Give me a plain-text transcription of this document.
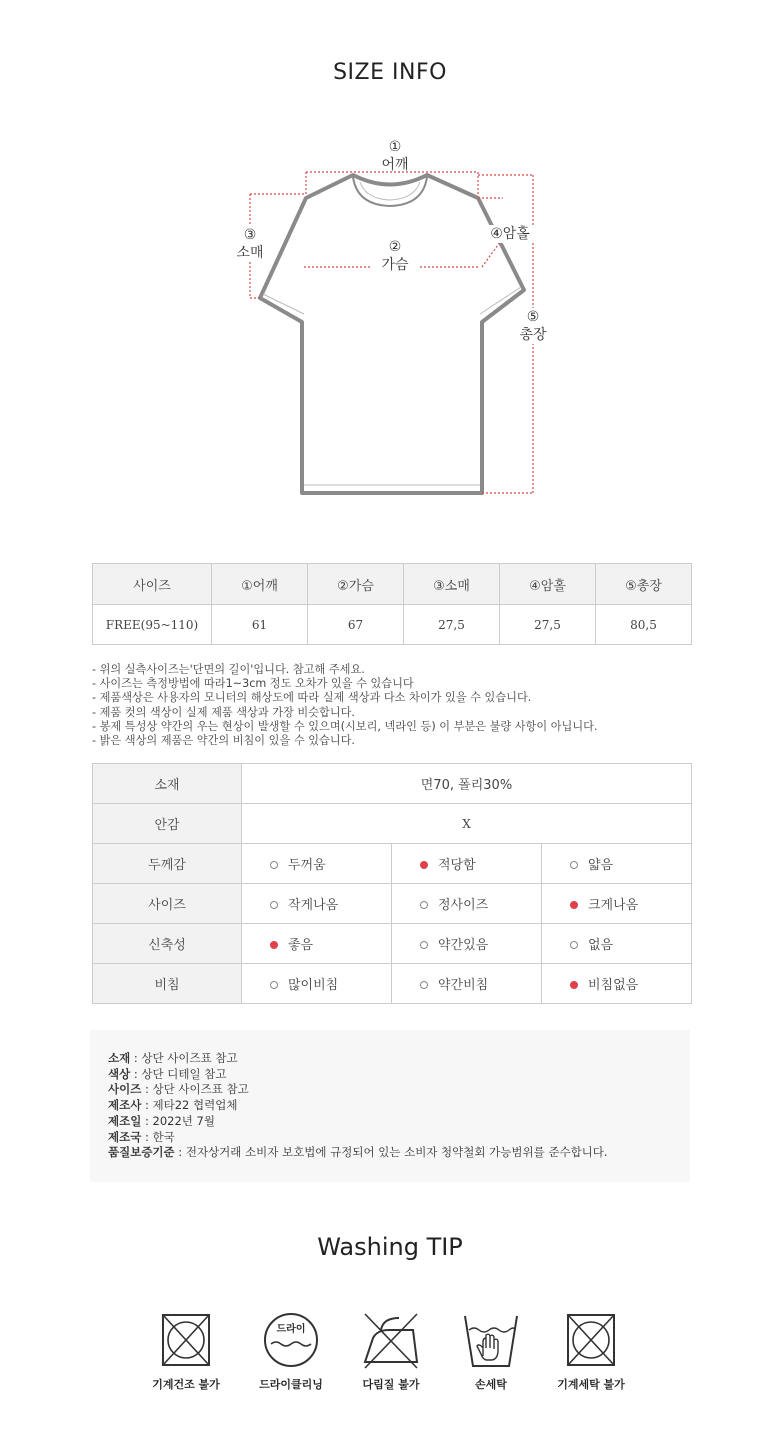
SIZE INFO
①
어깨
②
가슴
③
소매
④암홀
⑤
총장
사이즈	①어깨	②가슴	③소매	④암홀	⑤총장
FREE(95~110)	61	67	27,5	27,5	80,5
- 위의 실측사이즈는'단면의 길이'입니다. 참고해 주세요.
- 사이즈는 측정방법에 따라1~3cm 정도 오차가 있을 수 있습니다
- 제품색상은 사용자의 모니터의 해상도에 따라 실제 색상과 다소 차이가 있을 수 있습니다.
- 제품 컷의 색상이 실제 제품 색상과 가장 비슷합니다.
- 봉제 특성상 약간의 우는 현상이 발생할 수 있으며(시보리, 넥라인 등) 이 부분은 불량 사항이 아닙니다.
- 밝은 색상의 제품은 약간의 비침이 있을 수 있습니다.
소재	면70, 폴리30%		
안감	X		
두께감	두꺼움	적당함	얇음
사이즈	작게나옴	정사이즈	크게나옴
신축성	좋음	약간있음	없음
비침	많이비침	약간비침	비침없음
소재 : 상단 사이즈표 참고
색상 : 상단 디테일 참고
사이즈 : 상단 사이즈표 참고
제조사 : 제타22 협력업체
제조일 : 2022년 7월
제조국 : 한국
품질보증기준 : 전자상거래 소비자 보호법에 규정되어 있는 소비자 청약철회 가능범위를 준수합니다.
Washing TIP
기계건조 불가
드라이
드라이클리닝	다림질 불가	손세탁	기계세탁 불가
